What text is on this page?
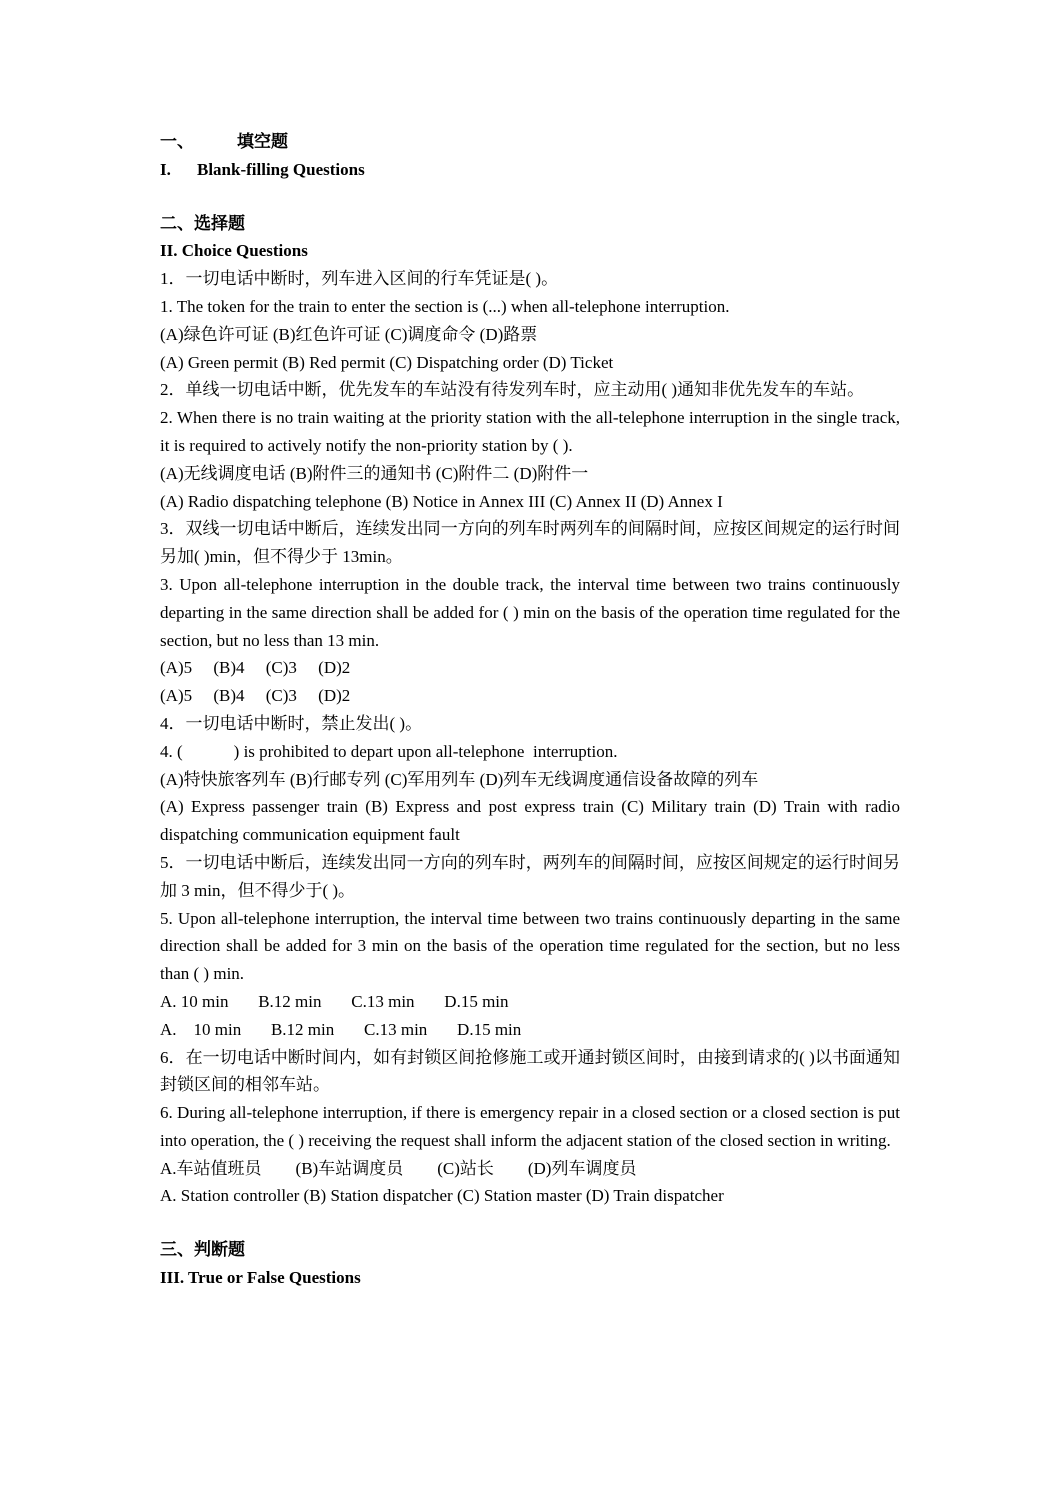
一、	填空题
I. Blank-filling Questions
二、选择题
II. Choice Questions
1．一切电话中断时，列车进入区间的行车凭证是( )。
1. The token for the train to enter the section is (...) when all-telephone interruption.
(A)绿色许可证 (B)红色许可证 (C)调度命令 (D)路票
(A) Green permit (B) Red permit (C) Dispatching order (D) Ticket
2．单线一切电话中断，优先发车的车站没有待发列车时，应主动用( )通知非优先发车的车站。
2. When there is no train waiting at the priority station with the all-telephone interruption in the single track, it is required to actively notify the non-priority station by ( ).
(A)无线调度电话 (B)附件三的通知书 (C)附件二 (D)附件一
(A) Radio dispatching telephone (B) Notice in Annex III (C) Annex II (D) Annex I
3．双线一切电话中断后，连续发出同一方向的列车时两列车的间隔时间，应按区间规定的运行时间另加( )min，但不得少于 13min。
3. Upon all-telephone interruption in the double track, the interval time between two trains continuously departing in the same direction shall be added for ( ) min on the basis of the operation time regulated for the section, but no less than 13 min.
(A)5     (B)4     (C)3     (D)2
(A)5     (B)4     (C)3     (D)2
4．一切电话中断时，禁止发出( )。
4. (            ) is prohibited to depart upon all-telephone  interruption.
(A)特快旅客列车 (B)行邮专列 (C)军用列车 (D)列车无线调度通信设备故障的列车
(A) Express passenger train (B) Express and post express train (C) Military train (D) Train with radio dispatching communication equipment fault
5．一切电话中断后，连续发出同一方向的列车时，两列车的间隔时间，应按区间规定的运行时间另加 3 min，但不得少于( )。
5. Upon all-telephone interruption, the interval time between two trains continuously departing in the same direction shall be added for 3 min on the basis of the operation time regulated for the section, but no less than ( ) min.
A. 10 min       B.12 min       C.13 min       D.15 min
A.    10 min       B.12 min       C.13 min       D.15 min
6．在一切电话中断时间内，如有封锁区间抢修施工或开通封锁区间时，由接到请求的( )以书面通知封锁区间的相邻车站。
6. During all-telephone interruption, if there is emergency repair in a closed section or a closed section is put into operation, the ( ) receiving the request shall inform the adjacent station of the closed section in writing.
A.车站值班员        (B)车站调度员        (C)站长        (D)列车调度员
A. Station controller (B) Station dispatcher (C) Station master (D) Train dispatcher
三、判断题
III. True or False Questions
